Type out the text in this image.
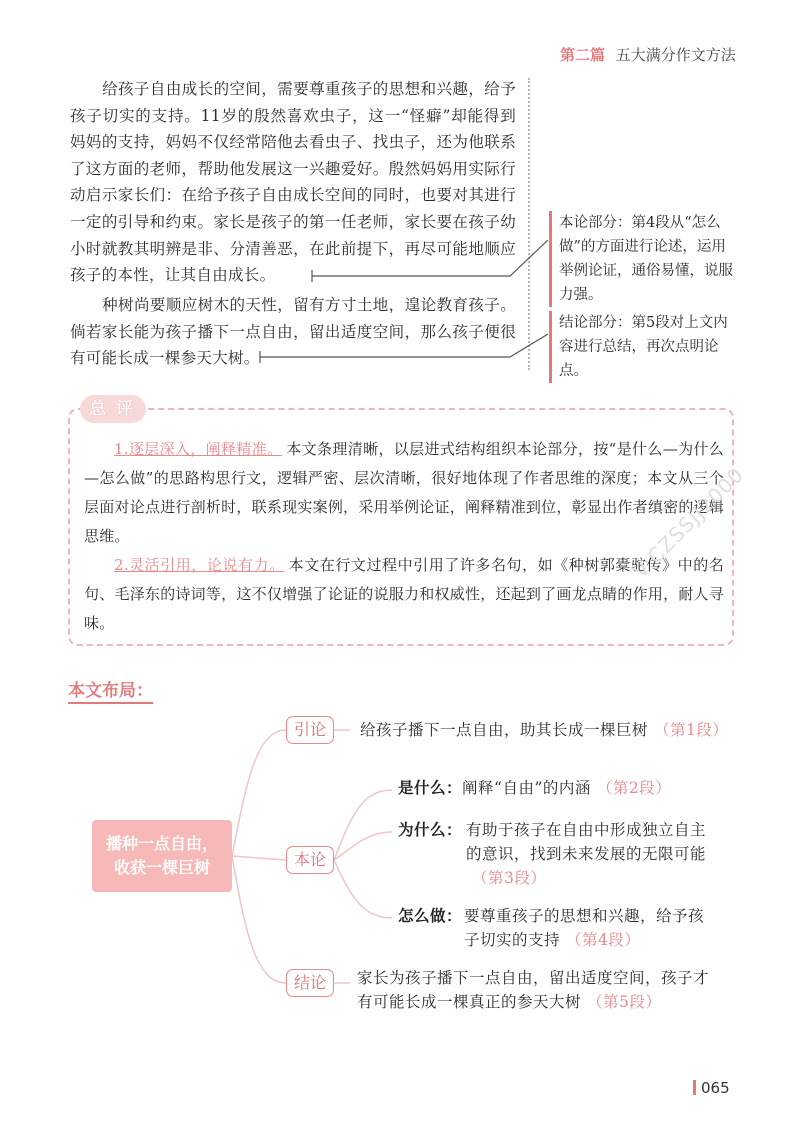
第二篇 五大满分作文方法
给孩子自由成长的空间，需要尊重孩子的思想和兴趣，给予孩子切实的支持。11岁的殷然喜欢虫子，这一“怪癖”却能得到妈妈的支持，妈妈不仅经常陪他去看虫子、找虫子，还为他联系了这方面的老师，帮助他发展这一兴趣爱好。殷然妈妈用实际行动启示家长们：在给予孩子自由成长空间的同时，也要对其进行一定的引导和约束。家长是孩子的第一任老师，家长要在孩子幼小时就教其明辨是非、分清善恶，在此前提下，再尽可能地顺应孩子的本性，让其自由成长。
种树尚要顺应树木的天性，留有方寸土地，遑论教育孩子。倘若家长能为孩子播下一点自由，留出适度空间，那么孩子便很有可能长成一棵参天大树。
本论部分：第4段从“怎么做”的方面进行论述，运用举例论证，通俗易懂，说服力强。
结论部分：第5段对上文内容进行总结，再次点明论点。
总评
1.逐层深入，阐释精准。 本文条理清晰，以层进式结构组织本论部分，按“是什么—为什么—怎么做”的思路构思行文，逻辑严密、层次清晰，很好地体现了作者思维的深度；本文从三个层面对论点进行剖析时，联系现实案例，采用举例论证，阐释精准到位，彰显出作者缜密的逻辑思维。
2.灵活引用，论说有力。 本文在行文过程中引用了许多名句，如《种树郭橐驼传》中的名句、毛泽东的诗词等，这不仅增强了论证的说服力和权威性，还起到了画龙点睛的作用，耐人寻味。
V:CZSSJJ2000
本文布局：
播种一点自由，
收获一棵巨树
引论
本论
结论
给孩子播下一点自由，助其长成一棵巨树 （第1段）
是什么：阐释“自由”的内涵 （第2段）
为什么： 有助于孩子在自由中形成独立自主的意识，找到未来发展的无限可能（第3段）
怎么做： 要尊重孩子的思想和兴趣，给予孩子切实的支持 （第4段）
家长为孩子播下一点自由，留出适度空间，孩子才有可能长成一棵真正的参天大树 （第5段）
065
